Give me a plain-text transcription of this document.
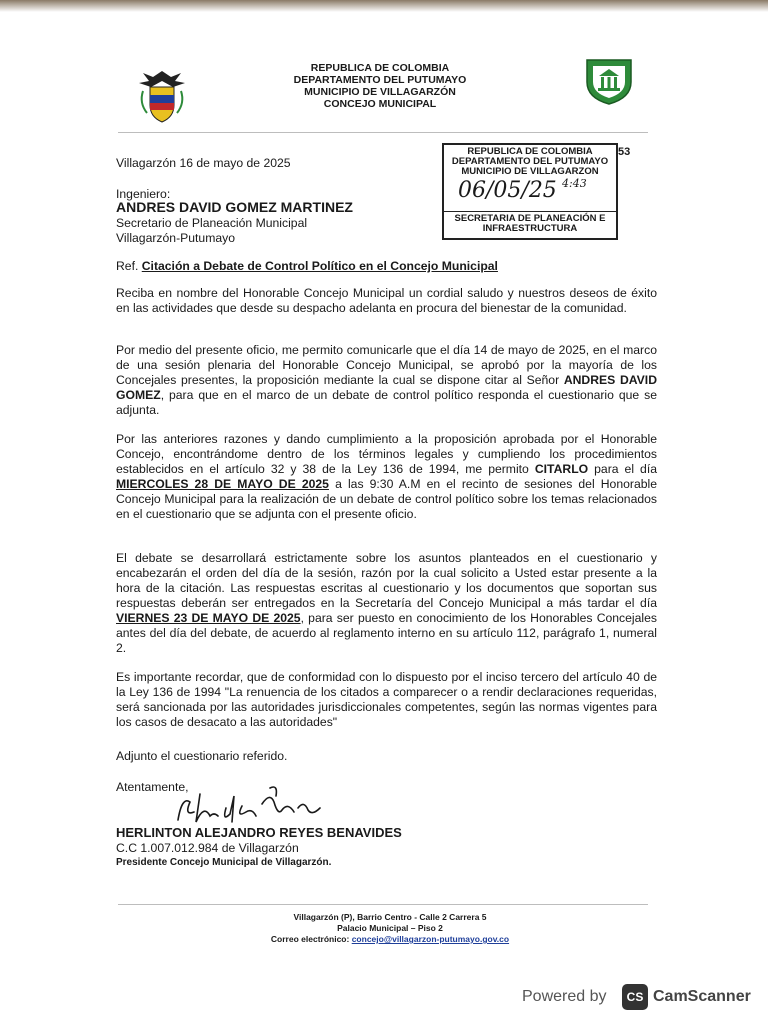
REPUBLICA DE COLOMBIA
DEPARTAMENTO DEL PUTUMAYO
MUNICIPIO DE VILLAGARZÓN
CONCEJO MUNICIPAL
Villagarzón 16 de mayo de 2025
REPUBLICA DE COLOMBIA
DEPARTAMENTO DEL PUTUMAYO
MUNICIPIO DE VILLAGARZON
06/05/25 4:43
SECRETARIA DE PLANEACIÓN E
INFRAESTRUCTURA
53
Ingeniero:
ANDRES DAVID GOMEZ MARTINEZ
Secretario de Planeación Municipal
Villagarzón-Putumayo
Ref. Citación a Debate de Control Político en el Concejo Municipal

Reciba en nombre del Honorable Concejo Municipal un cordial saludo y nuestros deseos de éxito en las actividades que desde su despacho adelanta en procura del bienestar de la comunidad.

Por medio del presente oficio, me permito comunicarle que el día 14 de mayo de 2025, en el marco de una sesión plenaria del Honorable Concejo Municipal, se aprobó por la mayoría de los Concejales presentes, la proposición mediante la cual se dispone citar al Señor ANDRES DAVID GOMEZ, para que en el marco de un debate de control político responda el cuestionario que se adjunta.

Por las anteriores razones y dando cumplimiento a la proposición aprobada por el Honorable Concejo, encontrándome dentro de los términos legales y cumpliendo los procedimientos establecidos en el artículo 32 y 38 de la Ley 136 de 1994, me permito CITARLO para el día MIERCOLES 28 DE MAYO DE 2025 a las 9:30 A.M en el recinto de sesiones del Honorable Concejo Municipal para la realización de un debate de control político sobre los temas relacionados en el cuestionario que se adjunta con el presente oficio.

El debate se desarrollará estrictamente sobre los asuntos planteados en el cuestionario y encabezarán el orden del día de la sesión, razón por la cual solicito a Usted estar presente a la hora de la citación. Las respuestas escritas al cuestionario y los documentos que soportan sus respuestas deberán ser entregados en la Secretaría del Concejo Municipal a más tardar el día VIERNES 23 DE MAYO DE 2025, para ser puesto en conocimiento de los Honorables Concejales antes del día del debate, de acuerdo al reglamento interno en su artículo 112, parágrafo 1, numeral 2.

Es importante recordar, que de conformidad con lo dispuesto por el inciso tercero del artículo 40 de la Ley 136 de 1994 "La renuencia de los citados a comparecer o a rendir declaraciones requeridas, será sancionada por las autoridades jurisdiccionales competentes, según las normas vigentes para los casos de desacato a las autoridades"

Adjunto el cuestionario referido.
Atentamente,
HERLINTON ALEJANDRO REYES BENAVIDES
C.C 1.007.012.984 de Villagarzón
Presidente Concejo Municipal de Villagarzón.
Villagarzón (P), Barrio Centro - Calle 2 Carrera 5
Palacio Municipal – Piso 2
Correo electrónico: concejo@villagarzon-putumayo.gov.co
Powered by	CS CamScanner
